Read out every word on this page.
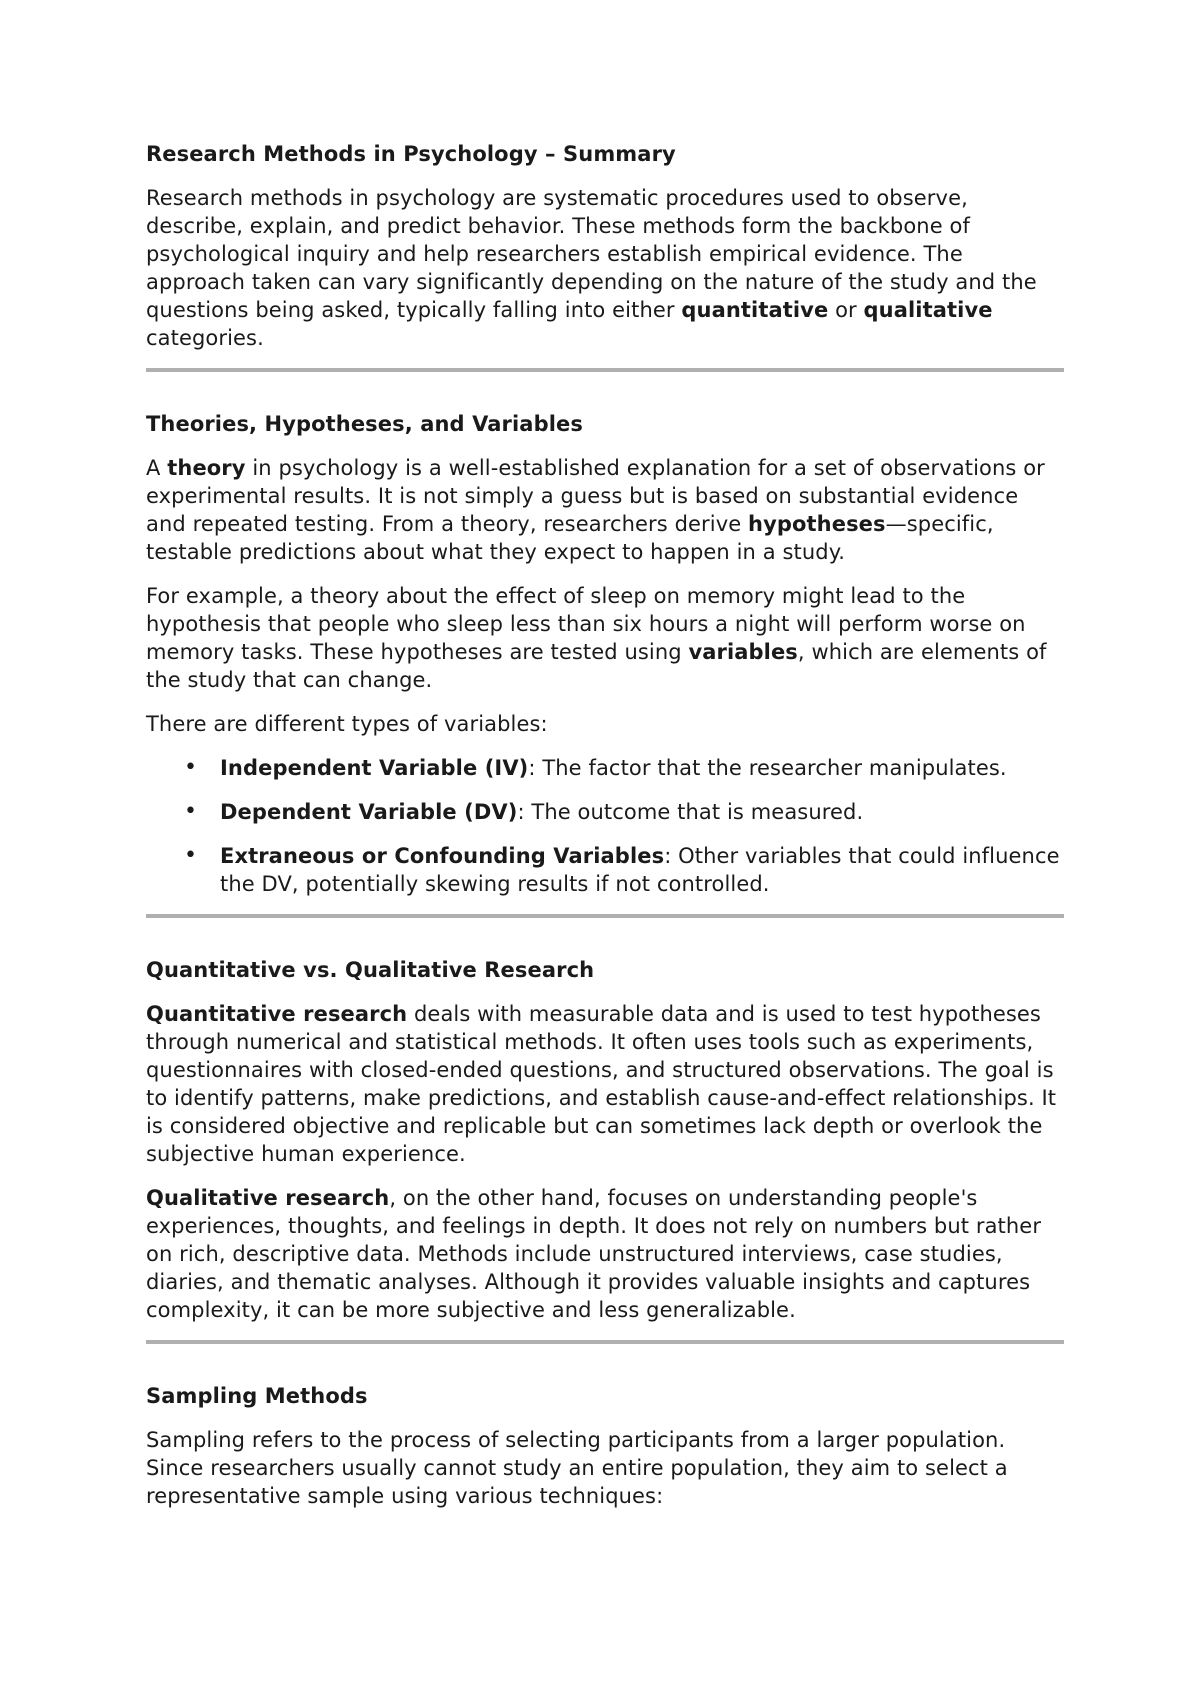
Research Methods in Psychology – Summary

Research methods in psychology are systematic procedures used to observe, describe, explain, and predict behavior. These methods form the backbone of psychological inquiry and help researchers establish empirical evidence. The approach taken can vary significantly depending on the nature of the study and the questions being asked, typically falling into either quantitative or qualitative categories.

Theories, Hypotheses, and Variables

A theory in psychology is a well-established explanation for a set of observations or experimental results. It is not simply a guess but is based on substantial evidence and repeated testing. From a theory, researchers derive hypotheses—specific, testable predictions about what they expect to happen in a study.

For example, a theory about the effect of sleep on memory might lead to the hypothesis that people who sleep less than six hours a night will perform worse on memory tasks. These hypotheses are tested using variables, which are elements of the study that can change.

There are different types of variables:

• Independent Variable (IV): The factor that the researcher manipulates.
• Dependent Variable (DV): The outcome that is measured.
• Extraneous or Confounding Variables: Other variables that could influence the DV, potentially skewing results if not controlled.
Quantitative vs. Qualitative Research

Quantitative research deals with measurable data and is used to test hypotheses through numerical and statistical methods. It often uses tools such as experiments, questionnaires with closed-ended questions, and structured observations. The goal is to identify patterns, make predictions, and establish cause-and-effect relationships. It is considered objective and replicable but can sometimes lack depth or overlook the subjective human experience.

Qualitative research, on the other hand, focuses on understanding people's experiences, thoughts, and feelings in depth. It does not rely on numbers but rather on rich, descriptive data. Methods include unstructured interviews, case studies, diaries, and thematic analyses. Although it provides valuable insights and captures complexity, it can be more subjective and less generalizable.

Sampling Methods

Sampling refers to the process of selecting participants from a larger population. Since researchers usually cannot study an entire population, they aim to select a representative sample using various techniques:
